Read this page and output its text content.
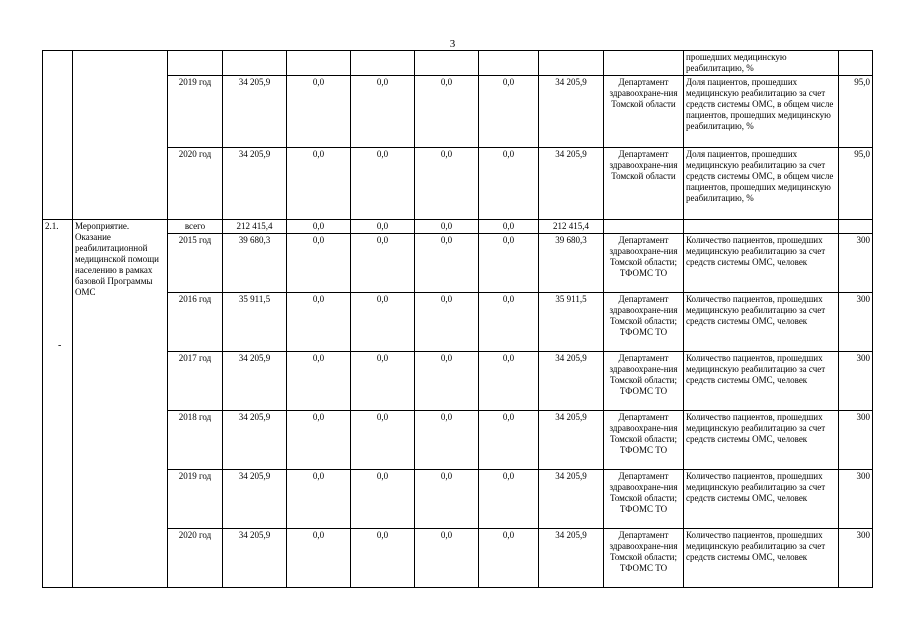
3
										прошедших медицинскую реабилитацию, %	
		2019 год	34 205,9	0,0	0,0	0,0	0,0	34 205,9	Департамент здравоохране-ния Томской области	Доля пациентов, прошедших медицинскую реабилитацию за счет средств системы ОМС, в общем числе пациентов, прошедших медицинскую реабилитацию, %	95,0
		2020 год	34 205,9	0,0	0,0	0,0	0,0	34 205,9	Департамент здравоохране-ния Томской области	Доля пациентов, прошедших медицинскую реабилитацию за счет средств системы ОМС, в общем числе пациентов, прошедших медицинскую реабилитацию, %	95,0
2.1.	Мероприятие. Оказание реабилитационной медицинской помощи населению в рамках базовой Программы ОМС	всего	212 415,4	0,0	0,0	0,0	0,0	212 415,4			
		2015 год	39 680,3	0,0	0,0	0,0	0,0	39 680,3	Департамент здравоохране-ния Томской области; ТФОМС ТО	Количество пациентов, прошедших медицинскую реабилитацию за счет средств системы ОМС, человек	300
		2016 год	35 911,5	0,0	0,0	0,0	0,0	35 911,5	Департамент здравоохране-ния Томской области; ТФОМС ТО	Количество пациентов, прошедших медицинскую реабилитацию за счет средств системы ОМС, человек	300
		2017 год	34 205,9	0,0	0,0	0,0	0,0	34 205,9	Департамент здравоохране-ния Томской области; ТФОМС ТО	Количество пациентов, прошедших медицинскую реабилитацию за счет средств системы ОМС, человек	300
		2018 год	34 205,9	0,0	0,0	0,0	0,0	34 205,9	Департамент здравоохране-ния Томской области; ТФОМС ТО	Количество пациентов, прошедших медицинскую реабилитацию за счет средств системы ОМС, человек	300
		2019 год	34 205,9	0,0	0,0	0,0	0,0	34 205,9	Департамент здравоохране-ния Томской области; ТФОМС ТО	Количество пациентов, прошедших медицинскую реабилитацию за счет средств системы ОМС, человек	300
		2020 год	34 205,9	0,0	0,0	0,0	0,0	34 205,9	Департамент здравоохране-ния Томской области; ТФОМС ТО	Количество пациентов, прошедших медицинскую реабилитацию за счет средств системы ОМС, человек	300
-
